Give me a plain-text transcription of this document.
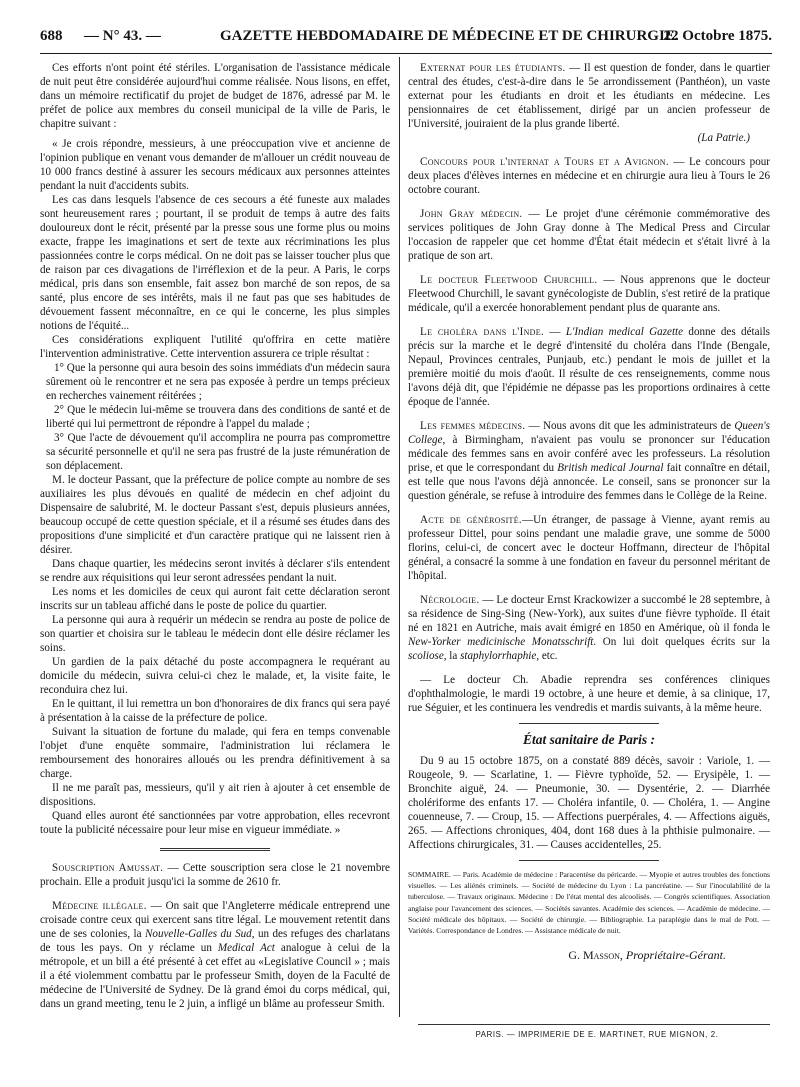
688 — N° 43. —	GAZETTE HEBDOMADAIRE DE MÉDECINE ET DE CHIRURGIE.
22 Octobre 1875.

Ces efforts n'ont point été stériles. L'organisation de l'assistance médicale de nuit peut être considérée aujourd'hui comme réalisée. Nous lisons, en effet, dans un mémoire rectificatif du projet de budget de 1876, adressé par M. le préfet de police aux membres du conseil municipal de la ville de Paris, le chapitre suivant :

« Je crois répondre, messieurs, à une préoccupation vive et ancienne de l'opinion publique en venant vous demander de m'allouer un crédit nouveau de 10 000 francs destiné à assurer les secours médicaux aux personnes atteintes pendant la nuit d'accidents subits.

Les cas dans lesquels l'absence de ces secours a été funeste aux malades sont heureusement rares ; pourtant, il se produit de temps à autre des faits douloureux dont le récit, présenté par la presse sous une forme plus ou moins exacte, frappe les imaginations et sert de texte aux récriminations les plus passionnées contre le corps médical. On ne doit pas se laisser toucher plus que de raison par ces divagations de l'irréflexion et de la peur. A Paris, le corps médical, pris dans son ensemble, fait assez bon marché de son repos, de sa santé, plus encore de ses intérêts, mais il ne faut pas que ses habitudes de dévouement fassent méconnaître, en ce qui le concerne, les plus simples notions de l'équité...

Ces considérations expliquent l'utilité qu'offrira en cette matière l'intervention administrative. Cette intervention assurera ce triple résultat :

1° Que la personne qui aura besoin des soins immédiats d'un médecin saura sûrement où le rencontrer et ne sera pas exposée à perdre un temps précieux en recherches vainement réitérées ;

2° Que le médecin lui-même se trouvera dans des conditions de santé et de liberté qui lui permettront de répondre à l'appel du malade ;

3° Que l'acte de dévouement qu'il accomplira ne pourra pas compromettre sa sécurité personnelle et qu'il ne sera pas frustré de la juste rémunération de son déplacement.

M. le docteur Passant, que la préfecture de police compte au nombre de ses auxiliaires les plus dévoués en qualité de médecin en chef adjoint du Dispensaire de salubrité, M. le docteur Passant s'est, depuis plusieurs années, beaucoup occupé de cette question spéciale, et il a résumé ses études dans des propositions d'une simplicité et d'un caractère pratique qui ne laissent rien à désirer.

Dans chaque quartier, les médecins seront invités à déclarer s'ils entendent se rendre aux réquisitions qui leur seront adressées pendant la nuit.

Les noms et les domiciles de ceux qui auront fait cette déclaration seront inscrits sur un tableau affiché dans le poste de police du quartier.

La personne qui aura à requérir un médecin se rendra au poste de police de son quartier et choisira sur le tableau le médecin dont elle désire réclamer les soins.

Un gardien de la paix détaché du poste accompagnera le requérant au domicile du médecin, suivra celui-ci chez le malade, et, la visite faite, le reconduira chez lui.

En le quittant, il lui remettra un bon d'honoraires de dix francs qui sera payé à présentation à la caisse de la préfecture de police.

Suivant la situation de fortune du malade, qui fera en temps convenable l'objet d'une enquête sommaire, l'administration lui réclamera le remboursement des honoraires alloués ou les prendra définitivement à sa charge.

Il ne me paraît pas, messieurs, qu'il y ait rien à ajouter à cet ensemble de dispositions.

Quand elles auront été sanctionnées par votre approbation, elles recevront toute la publicité nécessaire pour leur mise en vigueur immédiate. »

Souscription Amussat. — Cette souscription sera close le 21 novembre prochain. Elle a produit jusqu'ici la somme de 2610 fr.

Médecine illégale. — On sait que l'Angleterre médicale entreprend une croisade contre ceux qui exercent sans titre légal. Le mouvement retentit dans une de ses colonies, la Nouvelle-Galles du Sud, un des refuges des charlatans de tous les pays. On y réclame un Medical Act analogue à celui de la métropole, et un bill a été présenté à cet effet au «Legislative Council » ; mais il a été violemment combattu par le professeur Smith, doyen de la Faculté de médecine de l'Université de Sydney. De là grand émoi du corps médical, qui, dans un grand meeting, tenu le 2 juin, a infligé un blâme au professeur Smith.

Externat pour les étudiants. — Il est question de fonder, dans le quartier central des études, c'est-à-dire dans le 5e arrondissement (Panthéon), un vaste externat pour les étudiants en droit et les étudiants en médecine. Les pensionnaires de cet établissement, dirigé par un ancien professeur de l'Université, jouiraient de la plus grande liberté.
(La Patrie.)

Concours pour l'internat a Tours et a Avignon. — Le concours pour deux places d'élèves internes en médecine et en chirurgie aura lieu à Tours le 26 octobre courant.

John Gray médecin. — Le projet d'une cérémonie commémorative des services politiques de John Gray donne à The Medical Press and Circular l'occasion de rappeler que cet homme d'État était médecin et s'était livré à la pratique de son art.

Le docteur Fleetwood Churchill. — Nous apprenons que le docteur Fleetwood Churchill, le savant gynécologiste de Dublin, s'est retiré de la pratique médicale, qu'il a exercée honorablement pendant plus de quarante ans.

Le choléra dans l'Inde. — L'Indian medical Gazette donne des détails précis sur la marche et le degré d'intensité du choléra dans l'Inde (Bengale, Nepaul, Provinces centrales, Punjaub, etc.) pendant le mois de juillet et la première moitié du mois d'août. Il résulte de ces renseignements, comme nous l'avons déjà dit, que l'épidémie ne dépasse pas les proportions ordinaires à cette époque de l'année.

Les femmes médecins. — Nous avons dit que les administrateurs de Queen's College, à Birmingham, n'avaient pas voulu se prononcer sur l'éducation médicale des femmes sans en avoir conféré avec les professeurs. La résolution prise, et que le correspondant du British medical Journal fait connaître en détail, est telle que nous l'avons déjà annoncée. Le conseil, sans se prononcer sur la question générale, se refuse à introduire des femmes dans le Collège de la Reine.

Acte de générosité.—Un étranger, de passage à Vienne, ayant remis au professeur Dittel, pour soins pendant une maladie grave, une somme de 5000 florins, celui-ci, de concert avec le docteur Hoffmann, directeur de l'hôpital général, a consacré la somme à une fondation en faveur du personnel méritant de l'hôpital.

Nécrologie. — Le docteur Ernst Krackowizer a succombé le 28 septembre, à sa résidence de Sing-Sing (New-York), aux suites d'une fièvre typhoïde. Il était né en 1821 en Autriche, mais avait émigré en 1850 en Amérique, où il fonda le New-Yorker medicinische Monatsschrift. On lui doit quelques écrits sur la scoliose, la staphylorrhaphie, etc.

— Le docteur Ch. Abadie reprendra ses conférences cliniques d'ophthalmologie, le mardi 19 octobre, à une heure et demie, à sa clinique, 17, rue Séguier, et les continuera les vendredis et mardis suivants, à la même heure.

État sanitaire de Paris :

Du 9 au 15 octobre 1875, on a constaté 889 décès, savoir : Variole, 1. — Rougeole, 9. — Scarlatine, 1. — Fièvre typhoïde, 52. — Erysipèle, 1. — Bronchite aiguë, 24. — Pneumonie, 30. — Dysentérie, 2. — Diarrhée cholériforme des enfants 17. — Choléra infantile, 0. — Choléra, 1. — Angine couenneuse, 7. — Croup, 15. — Affections puerpérales, 4. — Affections aiguës, 265. — Affections chroniques, 404, dont 168 dues à la phthisie pulmonaire. — Affections chirurgicales, 31. — Causes accidentelles, 25.

SOMMAIRE. — Paris. Académie de médecine : Paracentèse du péricarde. — Myopie et autres troubles des fonctions visuelles. — Les aliénés criminels. — Société de médecine du Lyon : La pancréatine. — Sur l'inoculabilité de la tuberculose. — Travaux originaux. Médecine : De l'état mental des alcoolisés. — Congrès scientifiques. Association anglaise pour l'avancement des sciences. — Sociétés savantes. Académie des sciences. — Académie de médecine. — Société médicale des hôpitaux. — Société de chirurgie. — Bibliographie. La paraplégie dans le mal de Pott. — Variétés. Correspondance de Londres. — Assistance médicale de nuit.

G. Masson, Propriétaire-Gérant.
PARIS. — IMPRIMERIE DE E. MARTINET, RUE MIGNON, 2.
